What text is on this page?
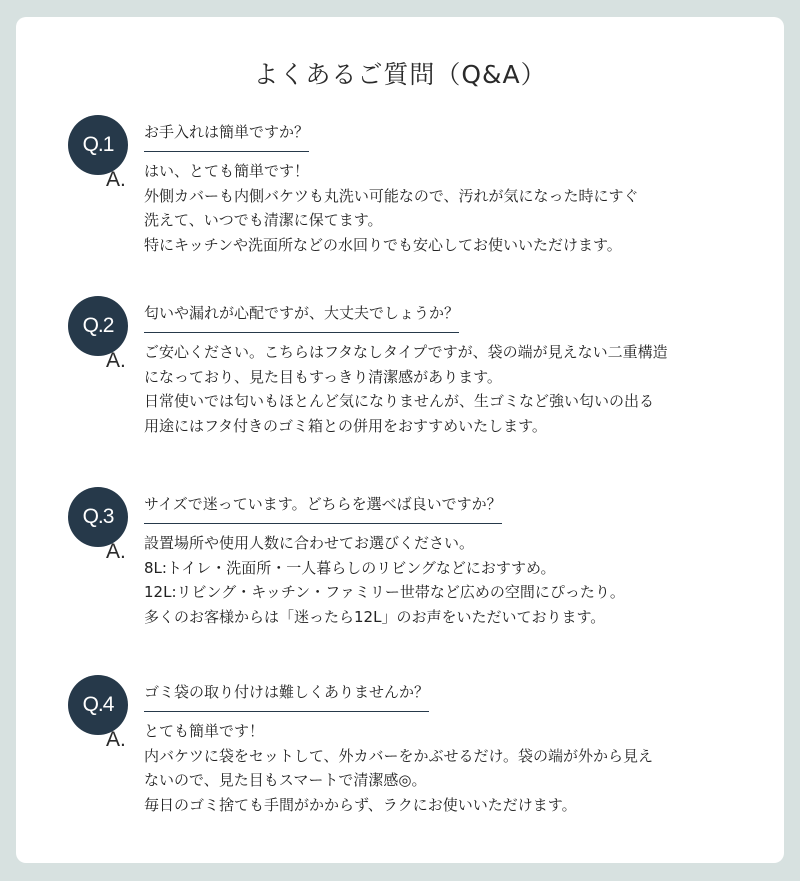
よくあるご質問（Q&A）
Q.1
お手入れは簡単ですか？
A. はい、とても簡単です！
外側カバーも内側バケツも丸洗い可能なので、汚れが気になった時にすぐ
洗えて、いつでも清潔に保てます。
特にキッチンや洗面所などの水回りでも安心してお使いいただけます。
Q.2
匂いや漏れが心配ですが、大丈夫でしょうか？
A. ご安心ください。こちらはフタなしタイプですが、袋の端が見えない二重構造
になっており、見た目もすっきり清潔感があります。
日常使いでは匂いもほとんど気になりませんが、生ゴミなど強い匂いの出る
用途にはフタ付きのゴミ箱との併用をおすすめいたします。
Q.3
サイズで迷っています。どちらを選べば良いですか？
A. 設置場所や使用人数に合わせてお選びください。
8L:トイレ・洗面所・一人暮らしのリビングなどにおすすめ。
12L:リビング・キッチン・ファミリー世帯など広めの空間にぴったり。
多くのお客様からは「迷ったら12L」のお声をいただいております。
Q.4
ゴミ袋の取り付けは難しくありませんか？
A. とても簡単です！
内バケツに袋をセットして、外カバーをかぶせるだけ。袋の端が外から見え
ないので、見た目もスマートで清潔感◎。
毎日のゴミ捨ても手間がかからず、ラクにお使いいただけます。
